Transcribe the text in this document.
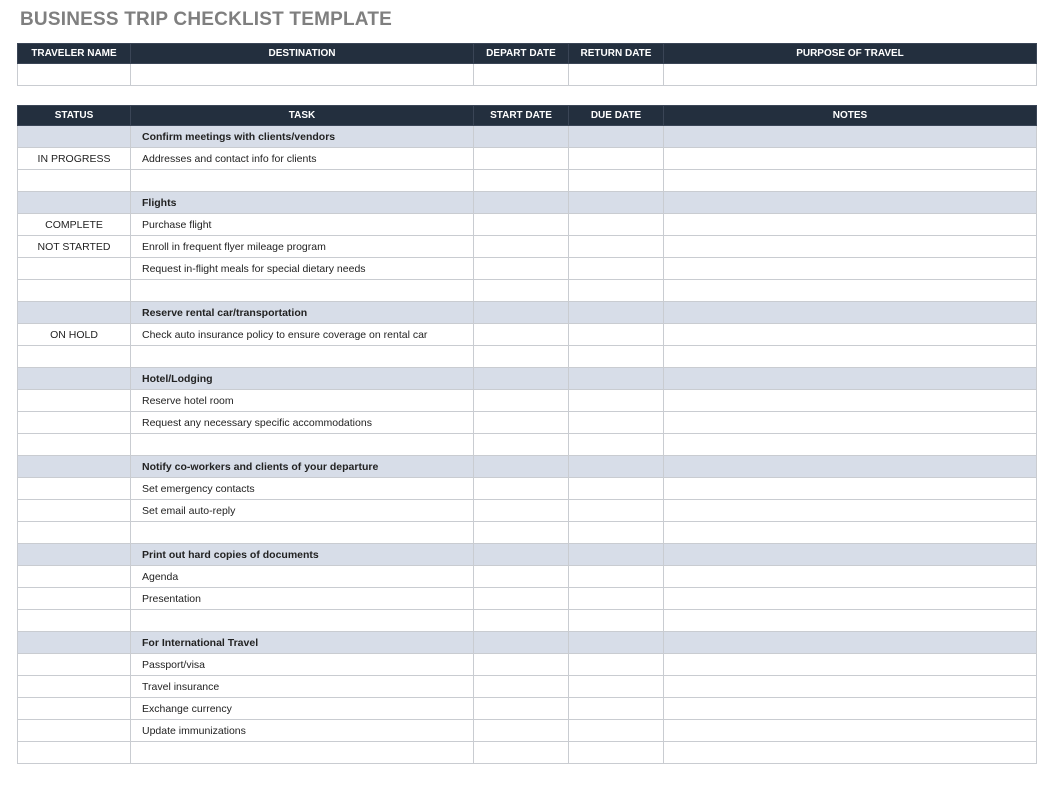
BUSINESS TRIP CHECKLIST TEMPLATE
TRAVELER NAME	DESTINATION	DEPART DATE	RETURN DATE	PURPOSE OF TRAVEL

STATUS	TASK	START DATE	DUE DATE	NOTES
	Confirm meetings with clients/vendors			
IN PROGRESS	Addresses and contact info for clients			

	Flights			
COMPLETE	Purchase flight			
NOT STARTED	Enroll in frequent flyer mileage program			
	Request in-flight meals for special dietary needs			

	Reserve rental car/transportation			
ON HOLD	Check auto insurance policy to ensure coverage on rental car			

	Hotel/Lodging			
	Reserve hotel room			
	Request any necessary specific accommodations			

	Notify co-workers and clients of your departure			
	Set emergency contacts			
	Set email auto-reply			

	Print out hard copies of documents			
	Agenda			
	Presentation			

	For International Travel			
	Passport/visa			
	Travel insurance			
	Exchange currency			
	Update immunizations			
